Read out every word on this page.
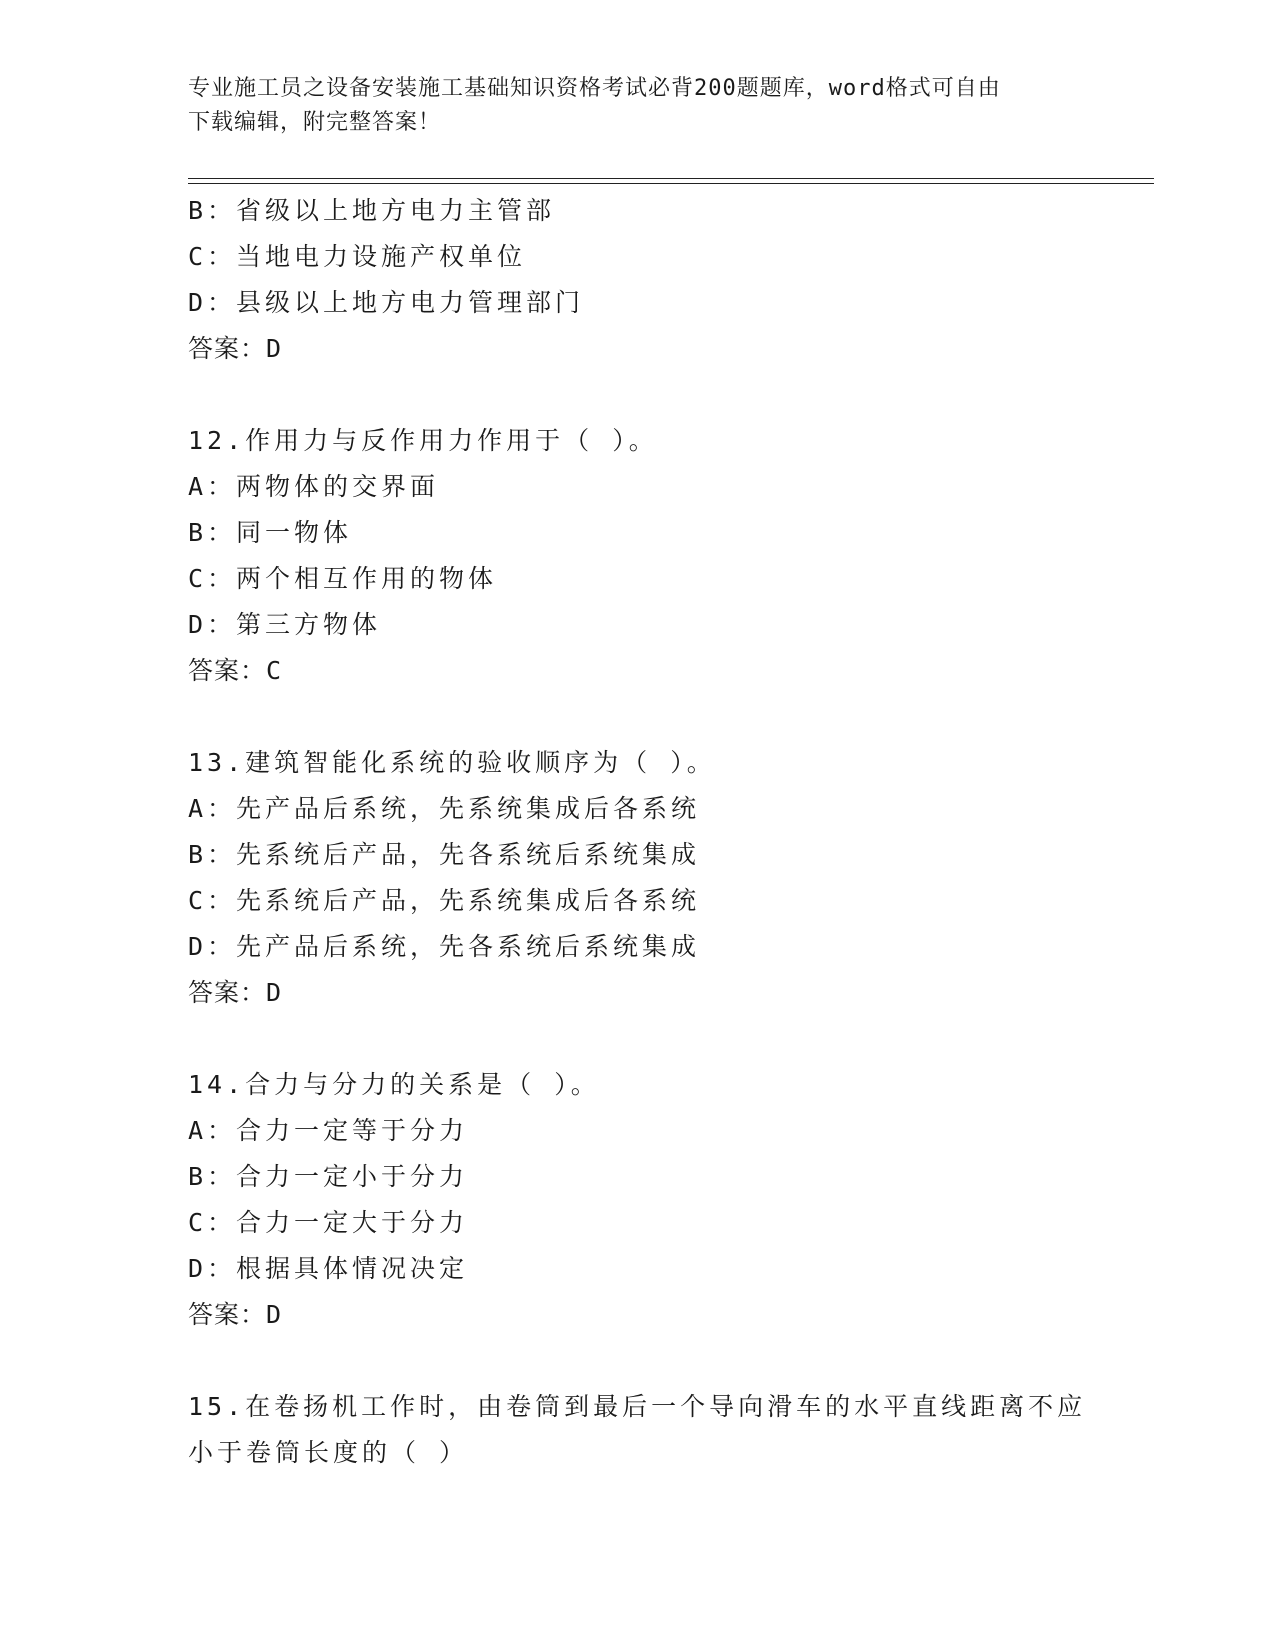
专业施工员之设备安装施工基础知识资格考试必背200题题库，word格式可自由
下载编辑，附完整答案！
B：省级以上地方电力主管部
C：当地电力设施产权单位
D：县级以上地方电力管理部门
答案：D
12.作用力与反作用力作用于（ ）。
A：两物体的交界面
B：同一物体
C：两个相互作用的物体
D：第三方物体
答案：C
13.建筑智能化系统的验收顺序为（ ）。
A：先产品后系统，先系统集成后各系统
B：先系统后产品，先各系统后系统集成
C：先系统后产品，先系统集成后各系统
D：先产品后系统，先各系统后系统集成
答案：D
14.合力与分力的关系是（ ）。
A：合力一定等于分力
B：合力一定小于分力
C：合力一定大于分力
D：根据具体情况决定
答案：D
15.在卷扬机工作时，由卷筒到最后一个导向滑车的水平直线距离不应
小于卷筒长度的（ ）
